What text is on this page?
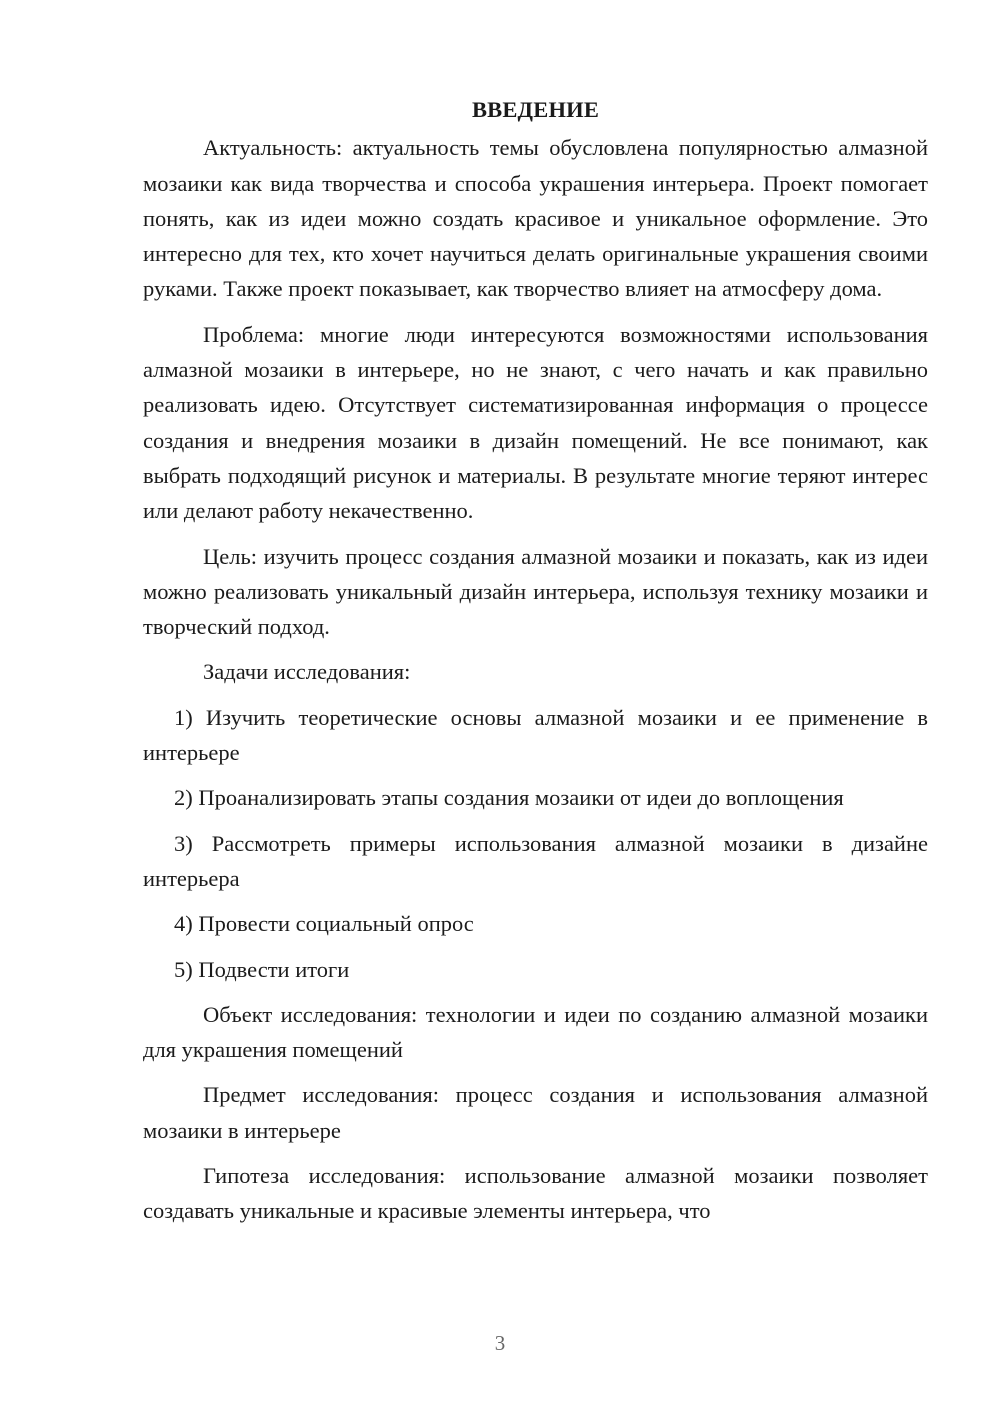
ВВЕДЕНИЕ

Актуальность: актуальность темы обусловлена популярностью алмазной мозаики как вида творчества и способа украшения интерьера. Проект помогает понять, как из идеи можно создать красивое и уникальное оформление. Это интересно для тех, кто хочет научиться делать оригинальные украшения своими руками. Также проект показывает, как творчество влияет на атмосферу дома.

Проблема: многие люди интересуются возможностями использования алмазной мозаики в интерьере, но не знают, с чего начать и как правильно реализовать идею. Отсутствует систематизированная информация о процессе создания и внедрения мозаики в дизайн помещений. Не все понимают, как выбрать подходящий рисунок и материалы. В результате многие теряют интерес или делают работу некачественно.

Цель: изучить процесс создания алмазной мозаики и показать, как из идеи можно реализовать уникальный дизайн интерьера, используя технику мозаики и творческий подход.

Задачи исследования:

1) Изучить теоретические основы алмазной мозаики и ее применение в интерьере

2) Проанализировать этапы создания мозаики от идеи до воплощения

3) Рассмотреть примеры использования алмазной мозаики в дизайне интерьера

4) Провести социальный опрос

5) Подвести итоги

Объект исследования: технологии и идеи по созданию алмазной мозаики для украшения помещений

Предмет исследования: процесс создания и использования алмазной мозаики в интерьере

Гипотеза исследования: использование алмазной мозаики позволяет создавать уникальные и красивые элементы интерьера, что

3
